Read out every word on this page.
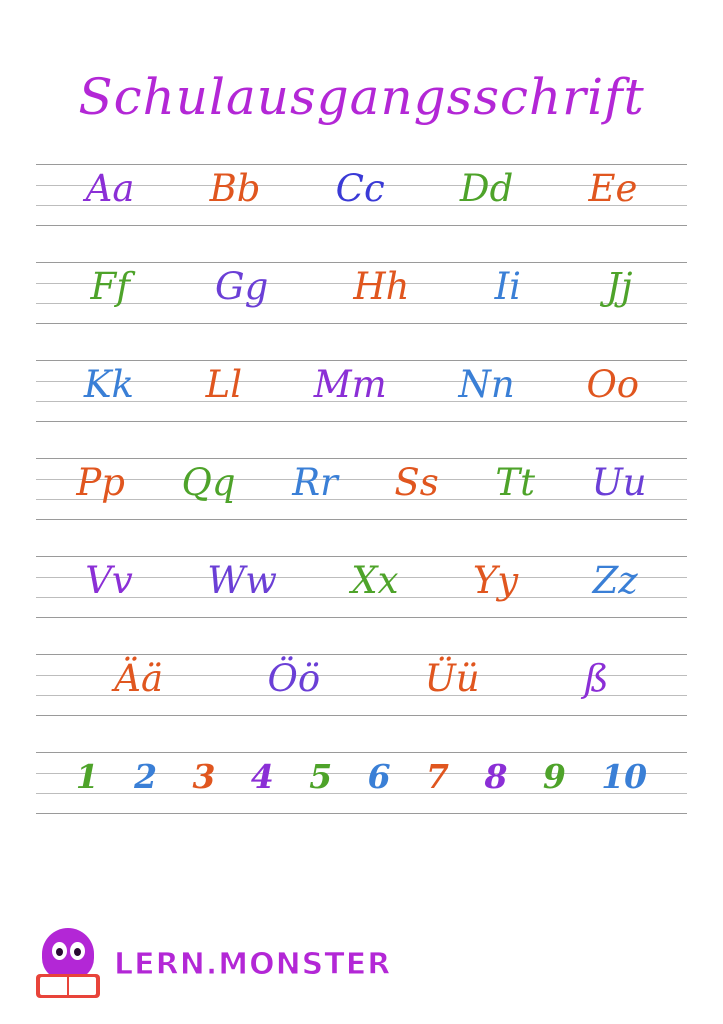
Schulausgangsschrift
Aa Bb Cc Dd Ee
Ff Gg Hh Ii Jj
Kk Ll Mm Nn Oo
Pp Qq Rr Ss Tt Uu
Vv Ww Xx Yy Zz
Ää	Öö	Üü	ß
1 2 3 4 5 6 7 8 9 10
LERN.MONSTER
